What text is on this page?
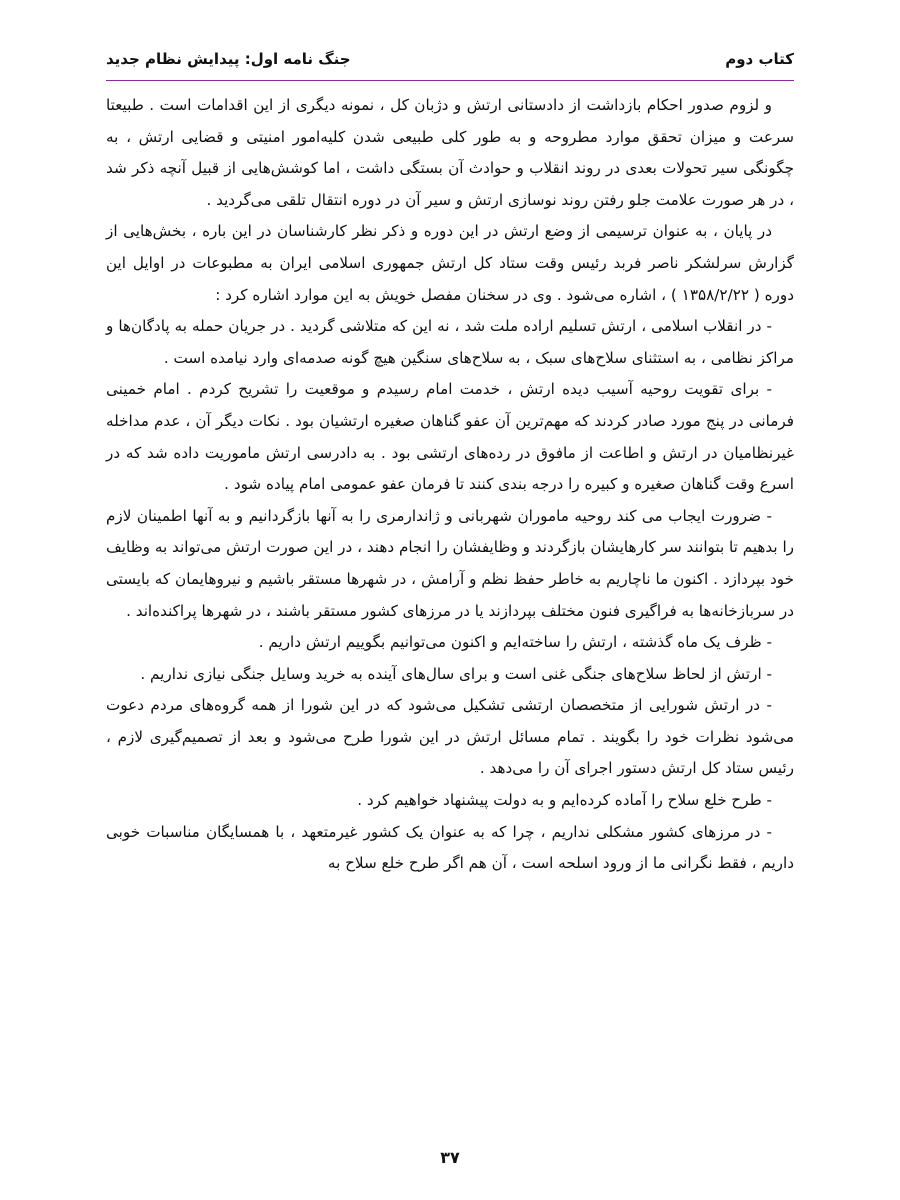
کتاب دوم
جنگ نامه اول: پیدایش نظام جدید

و لزوم صدور احکام بازداشت از دادستانی ارتش و دژبان کل ، نمونه دیگری از این اقدامات است . طبیعتا سرعت و میزان تحقق موارد مطروحه و به طور کلی طبیعی شدن کلیه‌امور امنیتی و قضایی ارتش ، به چگونگی سیر تحولات بعدی در روند انقلاب و حوادث آن بستگی داشت ، اما کوشش‌هایی از قبیل آنچه ذکر شد ، در هر صورت علامت جلو رفتن روند نوسازی ارتش و سیر آن در دوره انتقال تلقی می‌گردید .

در پایان ، به عنوان ترسیمی از وضع ارتش در این دوره و ذکر نظر کارشناسان در این باره ، بخش‌هایی از گزارش سرلشکر ناصر فربد رئیس وقت ستاد کل ارتش جمهوری اسلامی ایران به مطبوعات در اوایل این دوره ( ۱۳۵۸/۲/۲۲ ) ، اشاره می‌شود . وی در سخنان مفصل خویش به این موارد اشاره کرد :

- در انقلاب اسلامی ، ارتش تسلیم اراده ملت شد ، نه این که متلاشی گردید . در جریان حمله به پادگان‌ها و مراکز نظامی ، به استثنای سلاح‌های سبک ، به سلاح‌های سنگین هیچ گونه صدمه‌ای وارد نیامده است .

- برای تقویت روحیه آسیب دیده ارتش ، خدمت امام رسیدم و موقعیت را تشریح کردم . امام خمینی فرمانی در پنج مورد صادر کردند که مهم‌ترین آن عفو گناهان صغیره ارتشیان بود . نکات دیگر آن ، عدم مداخله غیرنظامیان در ارتش و اطاعت از مافوق در رده‌های ارتشی بود . به دادرسی ارتش ماموریت داده شد که در اسرع وقت گناهان صغیره و کبیره را درجه بندی کنند تا فرمان عفو عمومی امام پیاده شود .

- ضرورت ایجاب می کند روحیه ماموران شهربانی و ژاندارمری را به آنها بازگردانیم و به آنها اطمینان لازم را بدهیم تا بتوانند سر کارهایشان بازگردند و وظایفشان را انجام دهند ، در این صورت ارتش می‌تواند به وظایف خود بپردازد . اکنون ما ناچاریم به خاطر حفظ نظم و آرامش ، در شهرها مستقر باشیم و نیروهایمان که بایستی در سربازخانه‌ها به فراگیری فنون مختلف بپردازند یا در مرزهای کشور مستقر باشند ، در شهرها پراکنده‌اند .

- ظرف یک ماه گذشته ، ارتش را ساخته‌ایم و اکنون می‌توانیم بگوییم ارتش داریم .

- ارتش از لحاظ سلاح‌های جنگی غنی است و برای سال‌های آینده به خرید وسایل جنگی نیازی نداریم .

- در ارتش شورایی از متخصصان ارتشی تشکیل می‌شود که در این شورا از همه گروه‌های مردم دعوت می‌شود نظرات خود را بگویند . تمام مسائل ارتش در این شورا طرح می‌شود و بعد از تصمیم‌گیری لازم ، رئیس ستاد کل ارتش دستور اجرای آن را می‌دهد .

- طرح خلع سلاح را آماده کرده‌ایم و به دولت پیشنهاد خواهیم کرد .

- در مرزهای کشور مشکلی نداریم ، چرا که به عنوان یک کشور غیرمتعهد ، با همسایگان مناسبات خوبی داریم ، فقط نگرانی ما از ورود اسلحه است ، آن هم اگر طرح خلع سلاح به

۳۷
